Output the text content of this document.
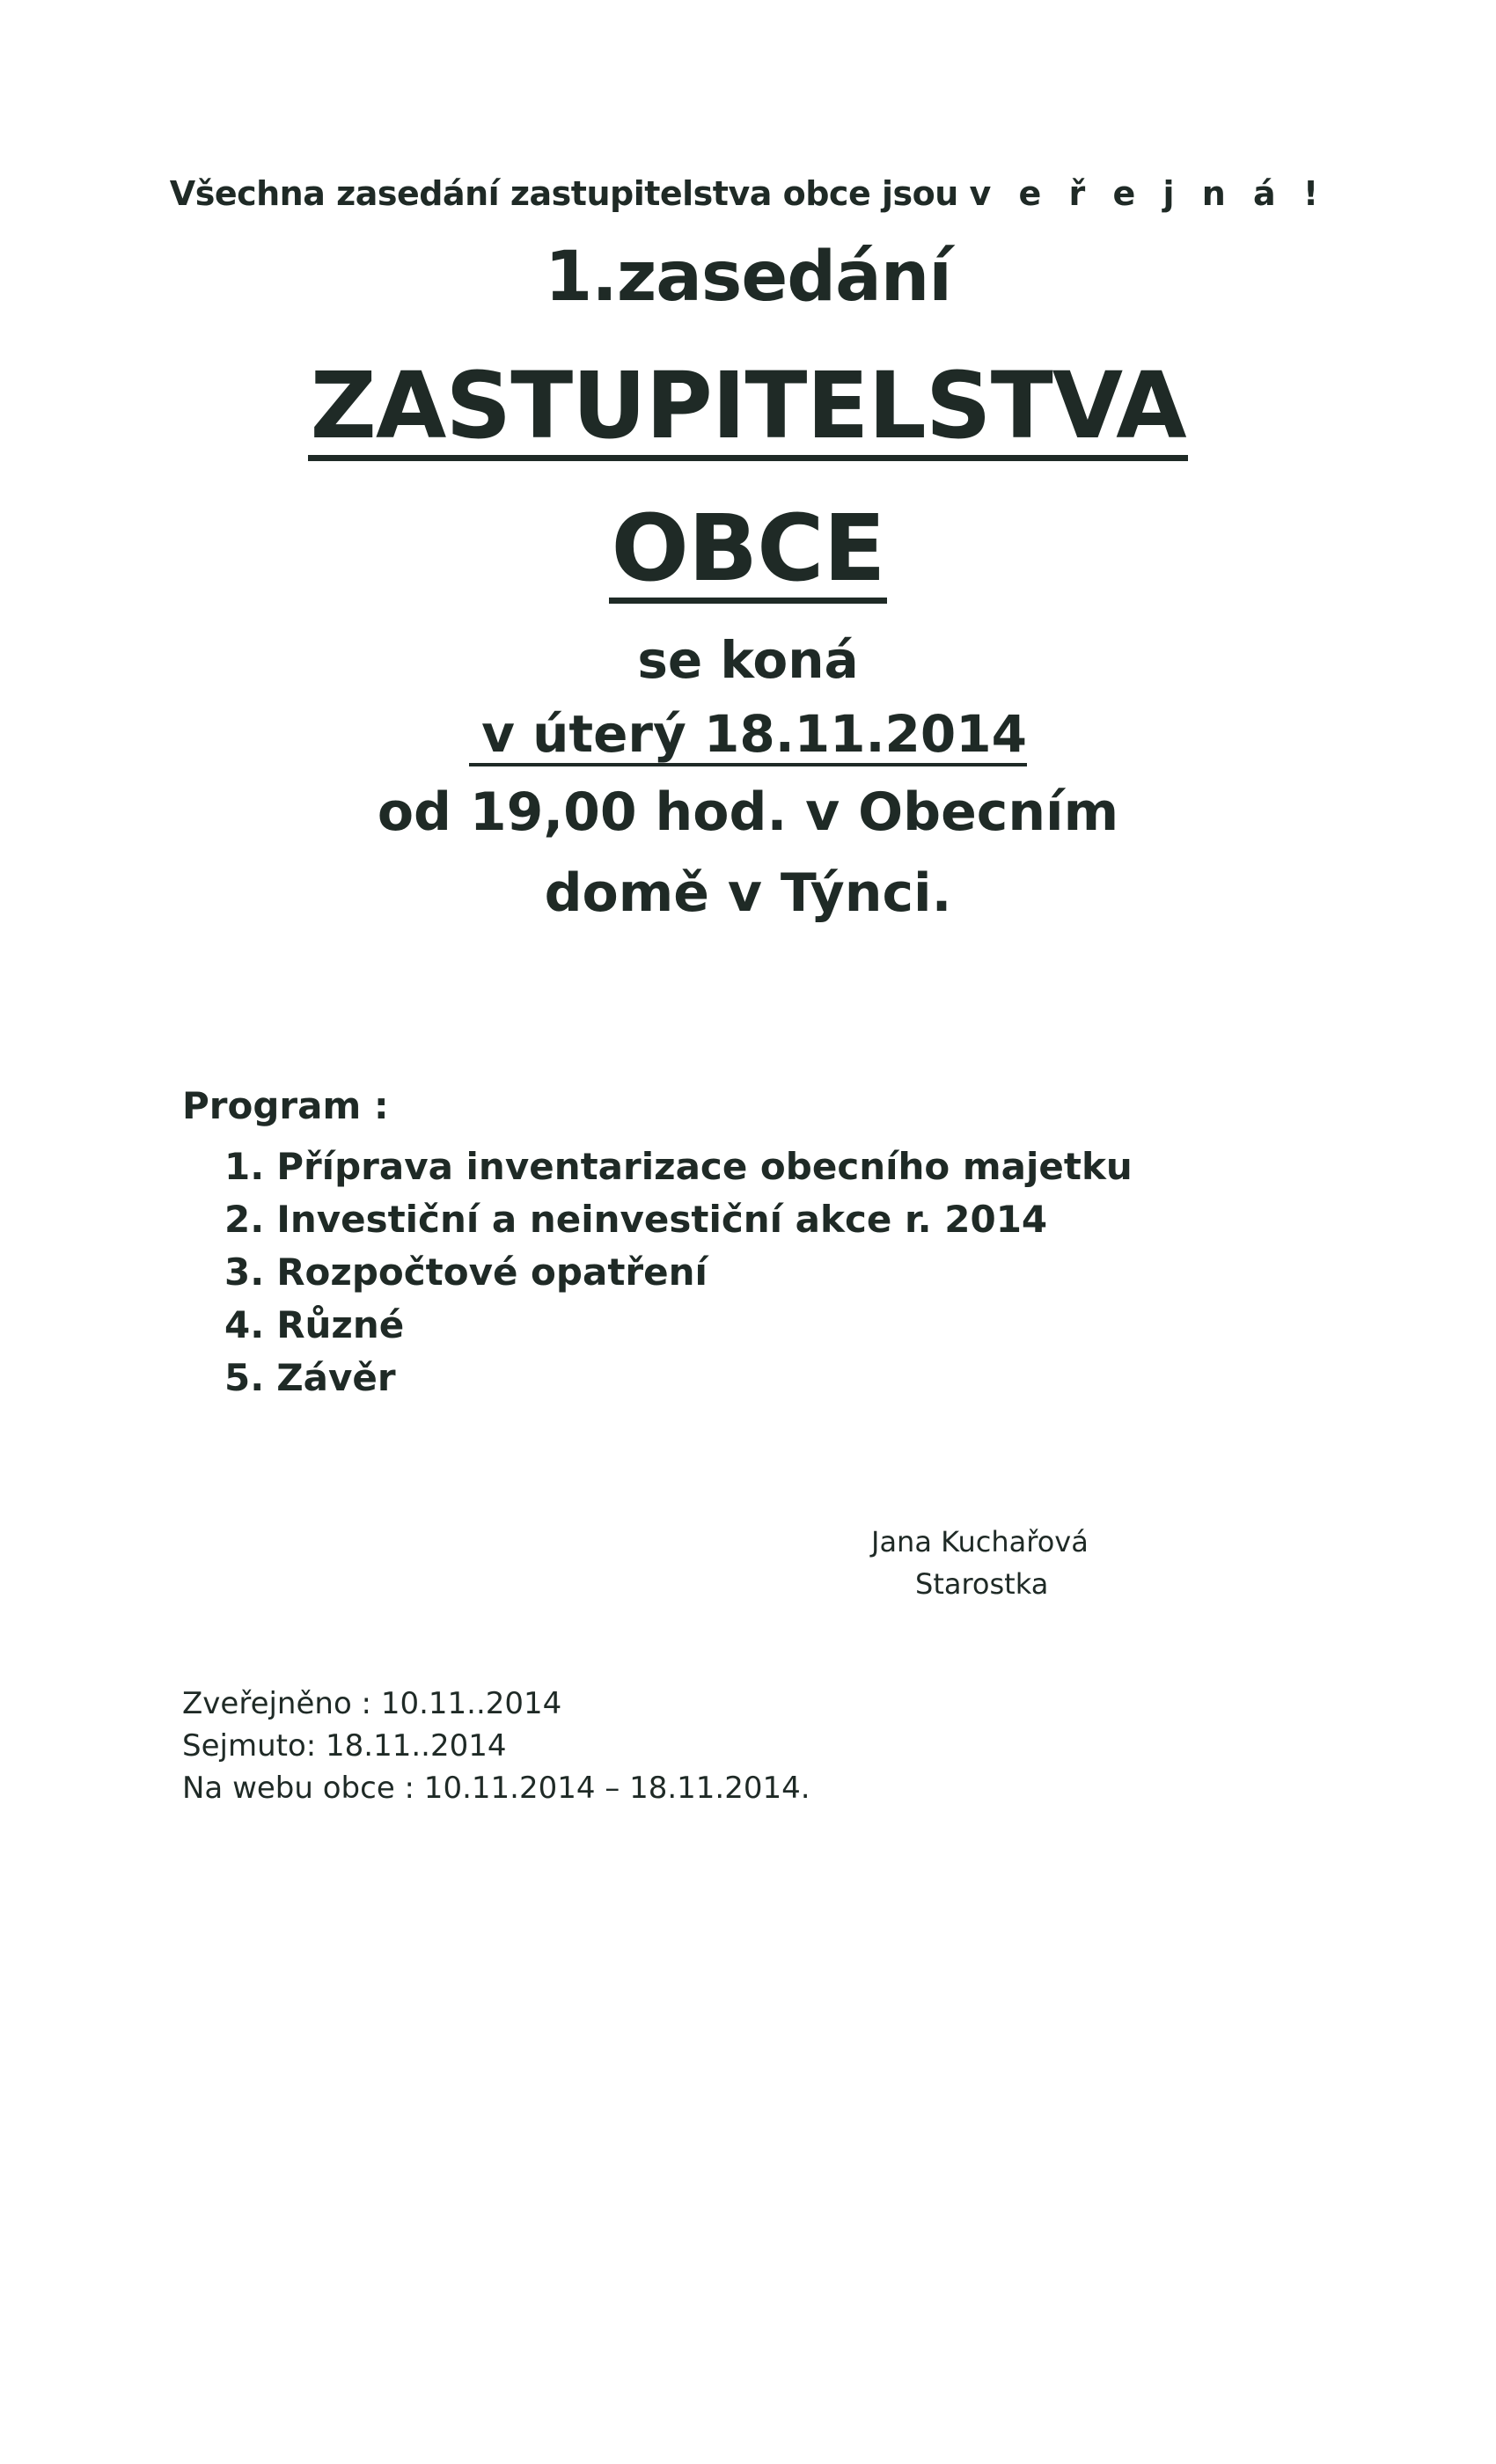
Všechna zasedání zastupitelstva obce jsou v e ř e j n á !
1.zasedání
ZASTUPITELSTVA
OBCE
se koná
v úterý 18.11.2014
od 19,00 hod. v Obecním
domě v Týnci.
Program :
1. Příprava inventarizace obecního majetku
2. Investiční a neinvestiční akce r. 2014
3. Rozpočtové opatření
4. Různé
5. Závěr
Jana Kuchařová
Starostka
Zveřejněno : 10.11..2014
Sejmuto: 18.11..2014
Na webu obce : 10.11.2014 – 18.11.2014.
